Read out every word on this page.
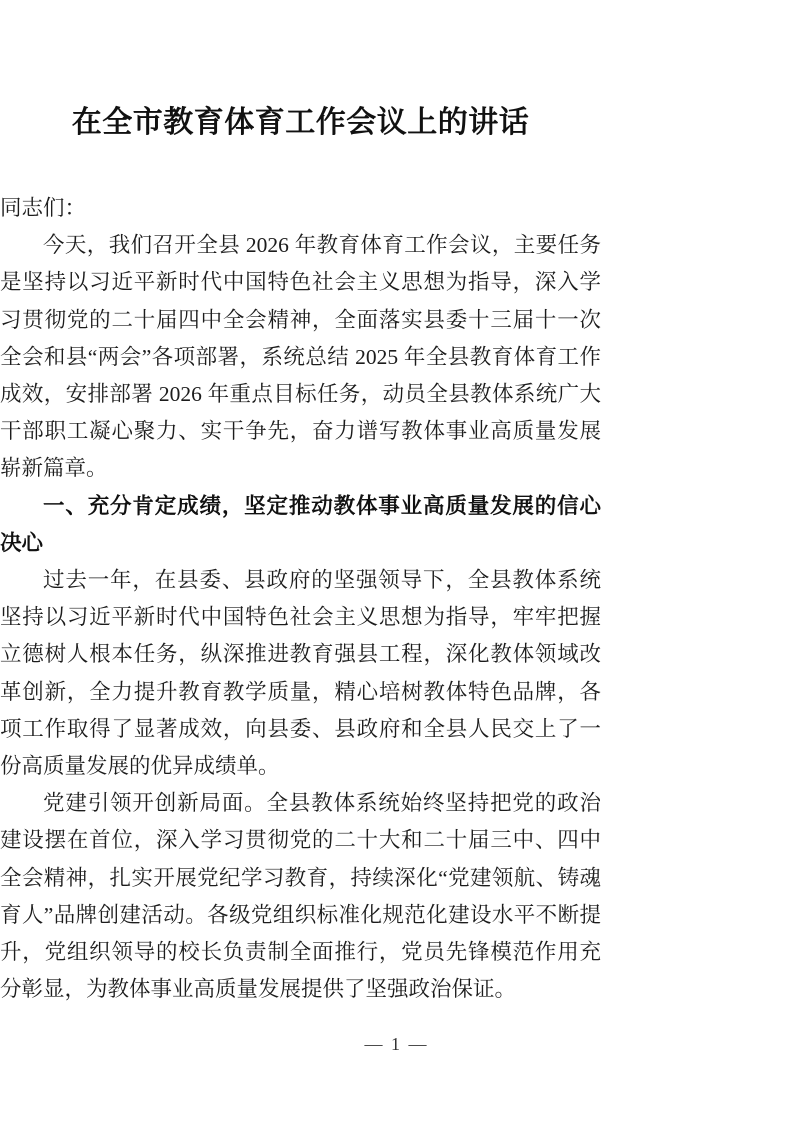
在全市教育体育工作会议上的讲话

同志们：

今天，我们召开全县 2026 年教育体育工作会议，主要任务是坚持以习近平新时代中国特色社会主义思想为指导，深入学习贯彻党的二十届四中全会精神，全面落实县委十三届十一次全会和县“两会”各项部署，系统总结 2025 年全县教育体育工作成效，安排部署 2026 年重点目标任务，动员全县教体系统广大干部职工凝心聚力、实干争先，奋力谱写教体事业高质量发展崭新篇章。

一、充分肯定成绩，坚定推动教体事业高质量发展的信心决心

过去一年，在县委、县政府的坚强领导下，全县教体系统坚持以习近平新时代中国特色社会主义思想为指导，牢牢把握立德树人根本任务，纵深推进教育强县工程，深化教体领域改革创新，全力提升教育教学质量，精心培树教体特色品牌，各项工作取得了显著成效，向县委、县政府和全县人民交上了一份高质量发展的优异成绩单。

党建引领开创新局面。全县教体系统始终坚持把党的政治建设摆在首位，深入学习贯彻党的二十大和二十届三中、四中全会精神，扎实开展党纪学习教育，持续深化“党建领航、铸魂育人”品牌创建活动。各级党组织标准化规范化建设水平不断提升，党组织领导的校长负责制全面推行，党员先锋模范作用充分彰显，为教体事业高质量发展提供了坚强政治保证。

— 1 —
